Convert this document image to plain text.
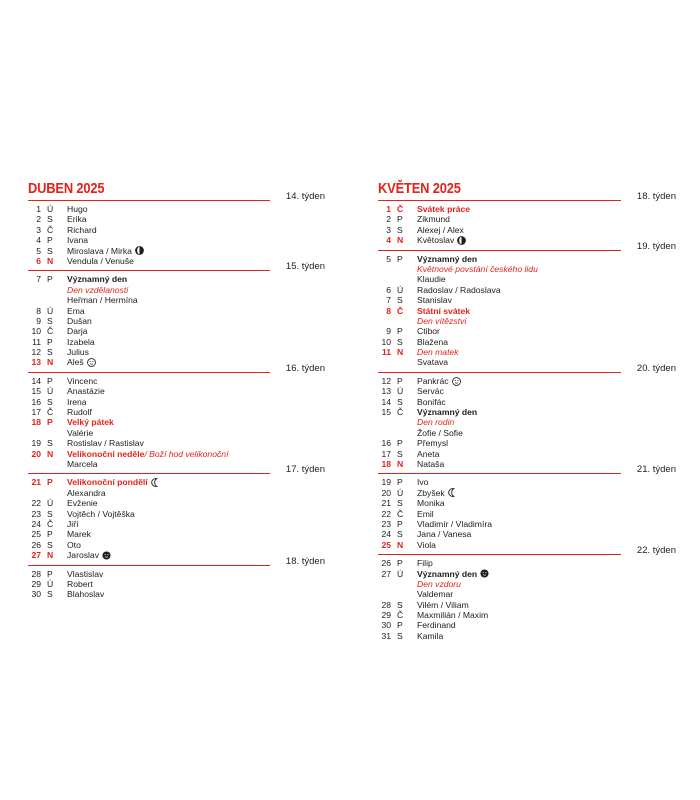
DUBEN 2025	14. týden
1 Ú	Hugo
2 S	Erika
3 Č	Richard
4 P	Ivana
5 S	Miroslava / Mirka
6 N	Vendula / Venuše
15. týden
7 P	Významný den
Den vzdělanosti
Heřman / Hermína
8 Ú	Ema
9 S	Dušan
10 Č	Darja
11 P	Izabela
12 S	Julius
13 N	Aleš
16. týden
14 P	Vincenc
15 Ú	Anastázie
16 S	Irena
17 Č	Rudolf
18 P	Velký pátek
Valérie
19 S	Rostislav / Rastislav
20 N	Velikonoční neděle / Boží hod velikonoční
Marcela
17. týden
21 P	Velikonoční pondělí
Alexandra
22 Ú	Evženie
23 S	Vojtěch / Vojtěška
24 Č	Jiří
25 P	Marek
26 S	Oto
27 N	Jaroslav
18. týden
28 P	Vlastislav
29 Ú	Robert
30 S	Blahoslav
KVĚTEN 2025	18. týden
1 Č	Svátek práce
2 P	Zikmund
3 S	Alexej / Alex
4 N	Květoslav
19. týden
5 P	Významný den
Květnové povstání českého lidu
Klaudie
6 Ú	Radoslav / Radoslava
7 S	Stanislav
8 Č	Státní svátek
Den vítězství
9 P	Ctibor
10 S	Blažena
11 N	Den matek
Svatava
20. týden
12 P	Pankrác
13 Ú	Servác
14 S	Bonifác
15 Č	Významný den
Den rodin
Žofie / Sofie
16 P	Přemysl
17 S	Aneta
18 N	Nataša
21. týden
19 P	Ivo
20 Ú	Zbyšek
21 S	Monika
22 Č	Emil
23 P	Vladimír / Vladimíra
24 S	Jana / Vanesa
25 N	Viola
22. týden
26 P	Filip
27 Ú	Významný den
Den vzdoru
Valdemar
28 S	Vilém / Viliam
29 Č	Maxmilián / Maxim
30 P	Ferdinand
31 S	Kamila
